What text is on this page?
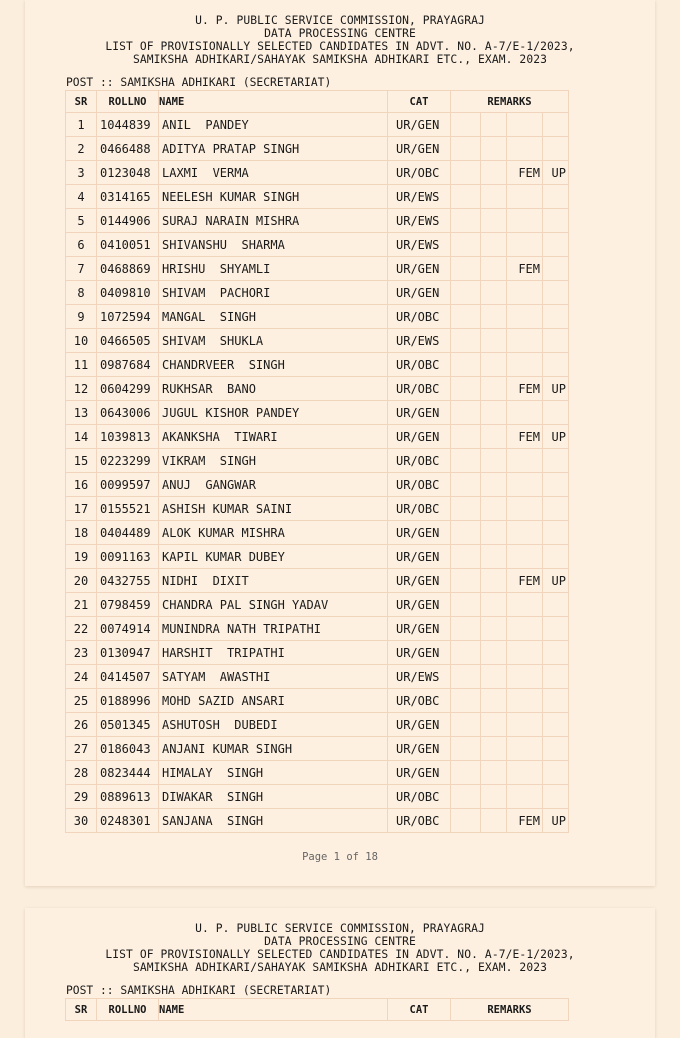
U. P. PUBLIC SERVICE COMMISSION, PRAYAGRAJ
DATA PROCESSING CENTRE
LIST OF PROVISIONALLY SELECTED CANDIDATES IN ADVT. NO. A-7/E-1/2023,
SAMIKSHA ADHIKARI/SAHAYAK SAMIKSHA ADHIKARI ETC., EXAM. 2023
POST :: SAMIKSHA ADHIKARI (SECRETARIAT)
SR	ROLLNO	NAME	CAT	REMARKS			
1	1044839	ANIL  PANDEY	UR/GEN				
2	0466488	ADITYA PRATAP SINGH	UR/GEN				
3	0123048	LAXMI  VERMA	UR/OBC			FEM	UP
4	0314165	NEELESH KUMAR SINGH	UR/EWS				
5	0144906	SURAJ NARAIN MISHRA	UR/EWS				
6	0410051	SHIVANSHU  SHARMA	UR/EWS				
7	0468869	HRISHU  SHYAMLI	UR/GEN			FEM	
8	0409810	SHIVAM  PACHORI	UR/GEN				
9	1072594	MANGAL  SINGH	UR/OBC				
10	0466505	SHIVAM  SHUKLA	UR/EWS				
11	0987684	CHANDRVEER  SINGH	UR/OBC				
12	0604299	RUKHSAR  BANO	UR/OBC			FEM	UP
13	0643006	JUGUL KISHOR PANDEY	UR/GEN				
14	1039813	AKANKSHA  TIWARI	UR/GEN			FEM	UP
15	0223299	VIKRAM  SINGH	UR/OBC				
16	0099597	ANUJ  GANGWAR	UR/OBC				
17	0155521	ASHISH KUMAR SAINI	UR/OBC				
18	0404489	ALOK KUMAR MISHRA	UR/GEN				
19	0091163	KAPIL KUMAR DUBEY	UR/GEN				
20	0432755	NIDHI  DIXIT	UR/GEN			FEM	UP
21	0798459	CHANDRA PAL SINGH YADAV	UR/GEN				
22	0074914	MUNINDRA NATH TRIPATHI	UR/GEN				
23	0130947	HARSHIT  TRIPATHI	UR/GEN				
24	0414507	SATYAM  AWASTHI	UR/EWS				
25	0188996	MOHD SAZID ANSARI	UR/OBC				
26	0501345	ASHUTOSH  DUBEDI	UR/GEN				
27	0186043	ANJANI KUMAR SINGH	UR/GEN				
28	0823444	HIMALAY  SINGH	UR/GEN				
29	0889613	DIWAKAR  SINGH	UR/OBC				
30	0248301	SANJANA  SINGH	UR/OBC			FEM	UP
Page 1 of 18
U. P. PUBLIC SERVICE COMMISSION, PRAYAGRAJ
DATA PROCESSING CENTRE
LIST OF PROVISIONALLY SELECTED CANDIDATES IN ADVT. NO. A-7/E-1/2023,
SAMIKSHA ADHIKARI/SAHAYAK SAMIKSHA ADHIKARI ETC., EXAM. 2023
POST :: SAMIKSHA ADHIKARI (SECRETARIAT)
SR	ROLLNO	NAME	CAT	REMARKS
